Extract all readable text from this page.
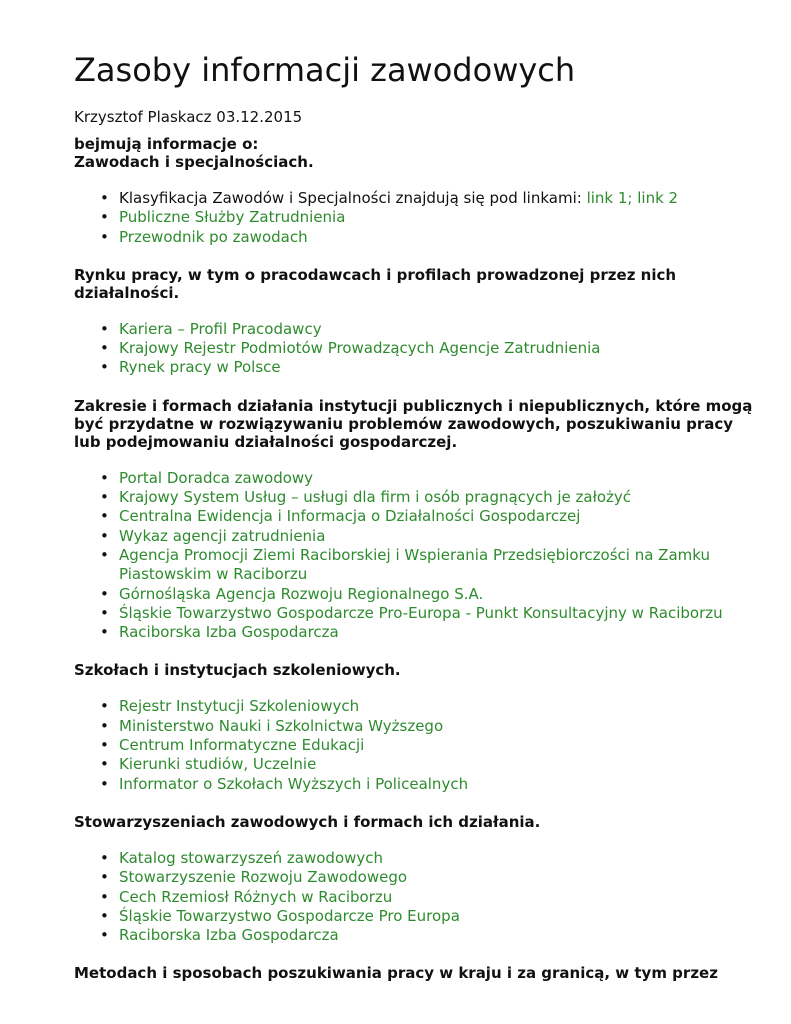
Zasoby informacji zawodowych

Krzysztof Plaskacz 03.12.2015

bejmują informacje o:
Zawodach i specjalnościach.
• Klasyfikacja Zawodów i Specjalności znajdują się pod linkami: link 1; link 2
• Publiczne Służby Zatrudnienia
• Przewodnik po zawodach
Rynku pracy, w tym o pracodawcach i profilach prowadzonej przez nich działalności.
• Kariera – Profil Pracodawcy
• Krajowy Rejestr Podmiotów Prowadzących Agencje Zatrudnienia
• Rynek pracy w Polsce
Zakresie i formach działania instytucji publicznych i niepublicznych, które mogą być przydatne w rozwiązywaniu problemów zawodowych, poszukiwaniu pracy lub podejmowaniu działalności gospodarczej.
• Portal Doradca zawodowy
• Krajowy System Usług – usługi dla firm i osób pragnących je założyć
• Centralna Ewidencja i Informacja o Działalności Gospodarczej
• Wykaz agencji zatrudnienia
• Agencja Promocji Ziemi Raciborskiej i Wspierania Przedsiębiorczości na Zamku Piastowskim w Raciborzu
• Górnośląska Agencja Rozwoju Regionalnego S.A.
• Śląskie Towarzystwo Gospodarcze Pro-Europa - Punkt Konsultacyjny w Raciborzu
• Raciborska Izba Gospodarcza
Szkołach i instytucjach szkoleniowych.
• Rejestr Instytucji Szkoleniowych
• Ministerstwo Nauki i Szkolnictwa Wyższego
• Centrum Informatyczne Edukacji
• Kierunki studiów, Uczelnie
• Informator o Szkołach Wyższych i Policealnych
Stowarzyszeniach zawodowych i formach ich działania.
• Katalog stowarzyszeń zawodowych
• Stowarzyszenie Rozwoju Zawodowego
• Cech Rzemiosł Różnych w Raciborzu
• Śląskie Towarzystwo Gospodarcze Pro Europa
• Raciborska Izba Gospodarcza
Metodach i sposobach poszukiwania pracy w kraju i za granicą, w tym przez
